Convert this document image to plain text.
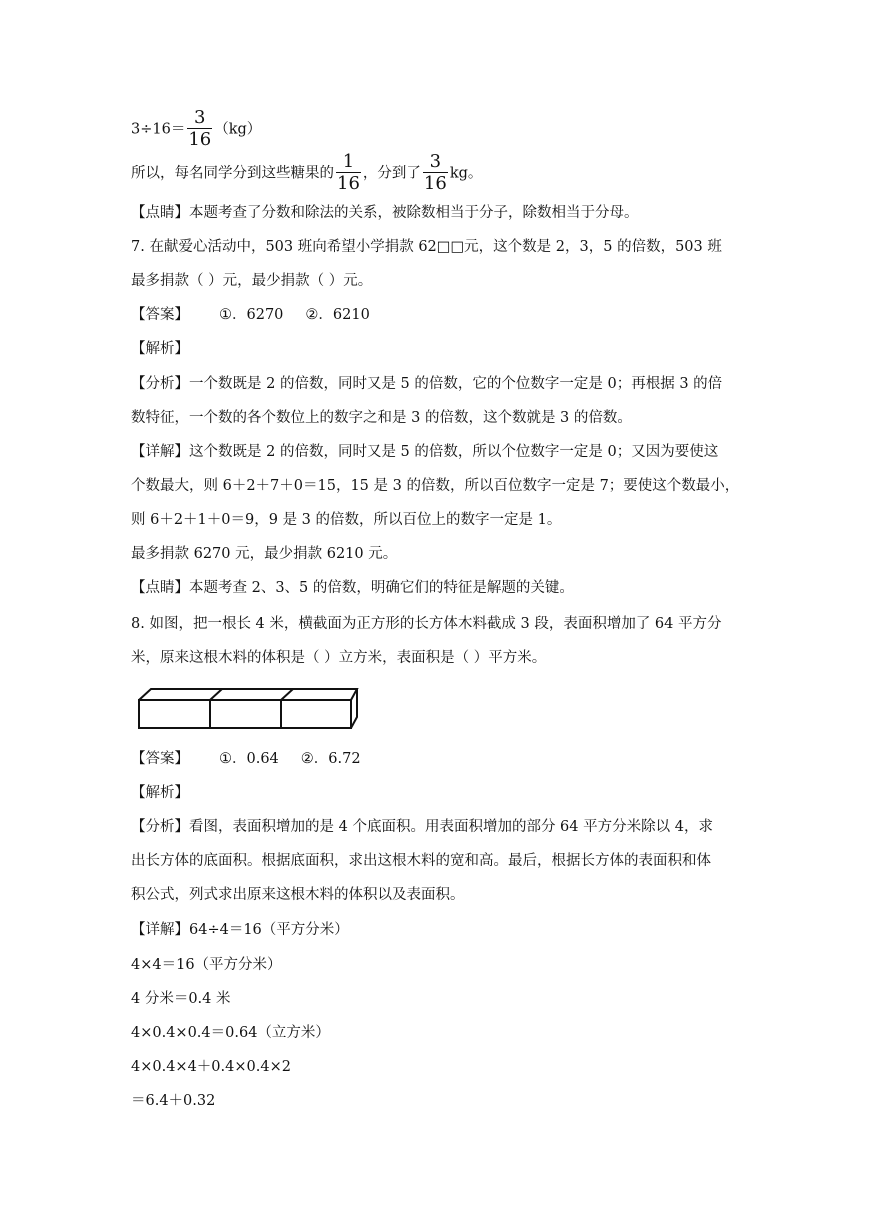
$3\div 16= \frac{3}{16} (kg)$
所以，每名同学分到这些糖果的 $\frac{1}{16}$ ，分到了 $\frac{3}{16}$ kg。
【点睛】本题考查了分数和除法的关系，被除数相当于分子，除数相当于分母。
7. 在献爱心活动中，503 班向希望小学捐款 62□□元，这个数是 2，3，5 的倍数，503 班
最多捐款（ ）元，最少捐款（ ）元。
【答案】 ①．6270 ②．6210
【解析】
【分析】一个数既是 2 的倍数，同时又是 5 的倍数，它的个位数字一定是 0；再根据 3 的倍
数特征，一个数的各个数位上的数字之和是 3 的倍数，这个数就是 3 的倍数。
【详解】这个数既是 2 的倍数，同时又是 5 的倍数，所以个位数字一定是 0；又因为要使这
个数最大，则 6＋2＋7＋0＝15，15 是 3 的倍数，所以百位数字一定是 7；要使这个数最小，
则 6＋2＋1＋0＝9，9 是 3 的倍数，所以百位上的数字一定是 1。
最多捐款 6270 元，最少捐款 6210 元。
【点睛】本题考查 2、3、5 的倍数，明确它们的特征是解题的关键。
8. 如图，把一根长 4 米，横截面为正方形的长方体木料截成 3 段，表面积增加了 64 平方分
米，原来这根木料的体积是（ ）立方米，表面积是（ ）平方米。
【答案】 ①．0.64 ②．6.72
【解析】
【分析】看图，表面积增加的是 4 个底面积。用表面积增加的部分 64 平方分米除以 4，求
出长方体的底面积。根据底面积，求出这根木料的宽和高。最后，根据长方体的表面积和体
积公式，列式求出原来这根木料的体积以及表面积。
【详解】64÷4＝16（平方分米）
4×4＝16（平方分米）
4 分米＝0.4 米
4×0.4×0.4＝0.64（立方米）
4×0.4×4＋0.4×0.4×2
＝6.4＋0.32
